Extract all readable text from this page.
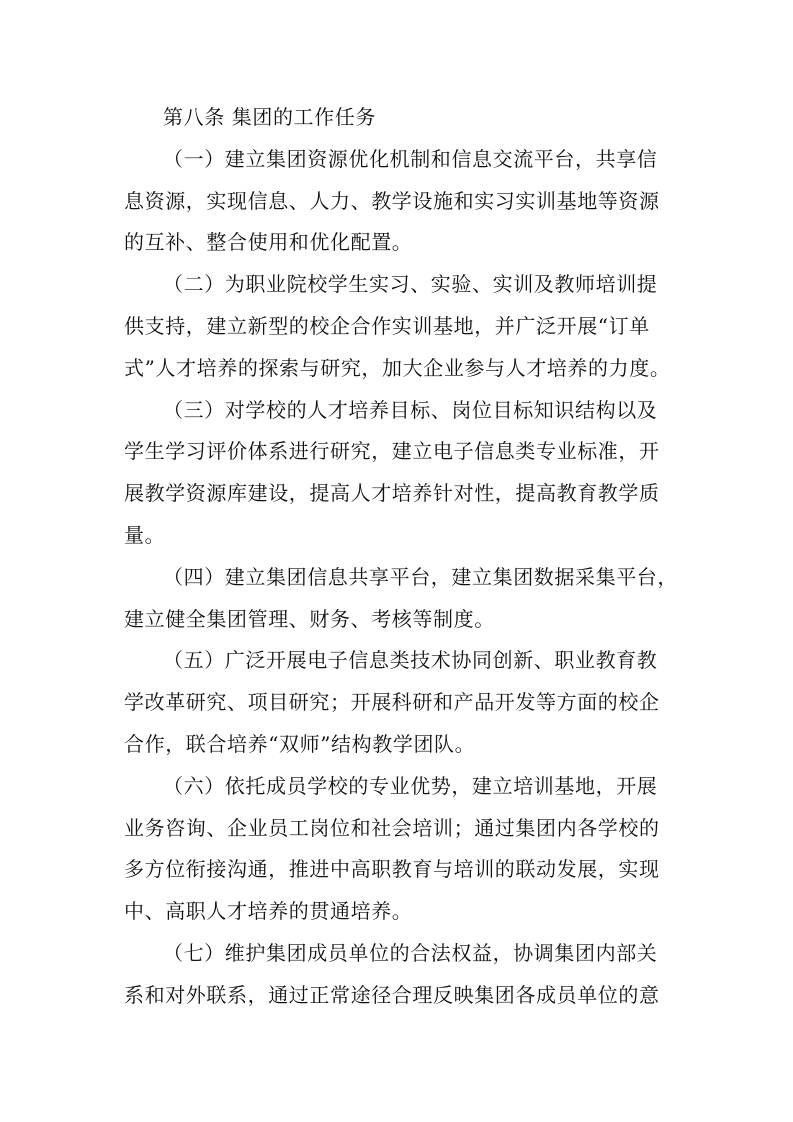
第八条 集团的工作任务
（一）建立集团资源优化机制和信息交流平台，共享信
息资源，实现信息、人力、教学设施和实习实训基地等资源
的互补、整合使用和优化配置。
（二）为职业院校学生实习、实验、实训及教师培训提
供支持，建立新型的校企合作实训基地，并广泛开展“订单
式”人才培养的探索与研究，加大企业参与人才培养的力度。
（三）对学校的人才培养目标、岗位目标知识结构以及
学生学习评价体系进行研究，建立电子信息类专业标准，开
展教学资源库建设，提高人才培养针对性，提高教育教学质
量。
（四）建立集团信息共享平台，建立集团数据采集平台，
建立健全集团管理、财务、考核等制度。
（五）广泛开展电子信息类技术协同创新、职业教育教
学改革研究、项目研究；开展科研和产品开发等方面的校企
合作，联合培养“双师”结构教学团队。
（六）依托成员学校的专业优势，建立培训基地，开展
业务咨询、企业员工岗位和社会培训；通过集团内各学校的
多方位衔接沟通，推进中高职教育与培训的联动发展，实现
中、高职人才培养的贯通培养。
（七）维护集团成员单位的合法权益，协调集团内部关
系和对外联系，通过正常途径合理反映集团各成员单位的意
